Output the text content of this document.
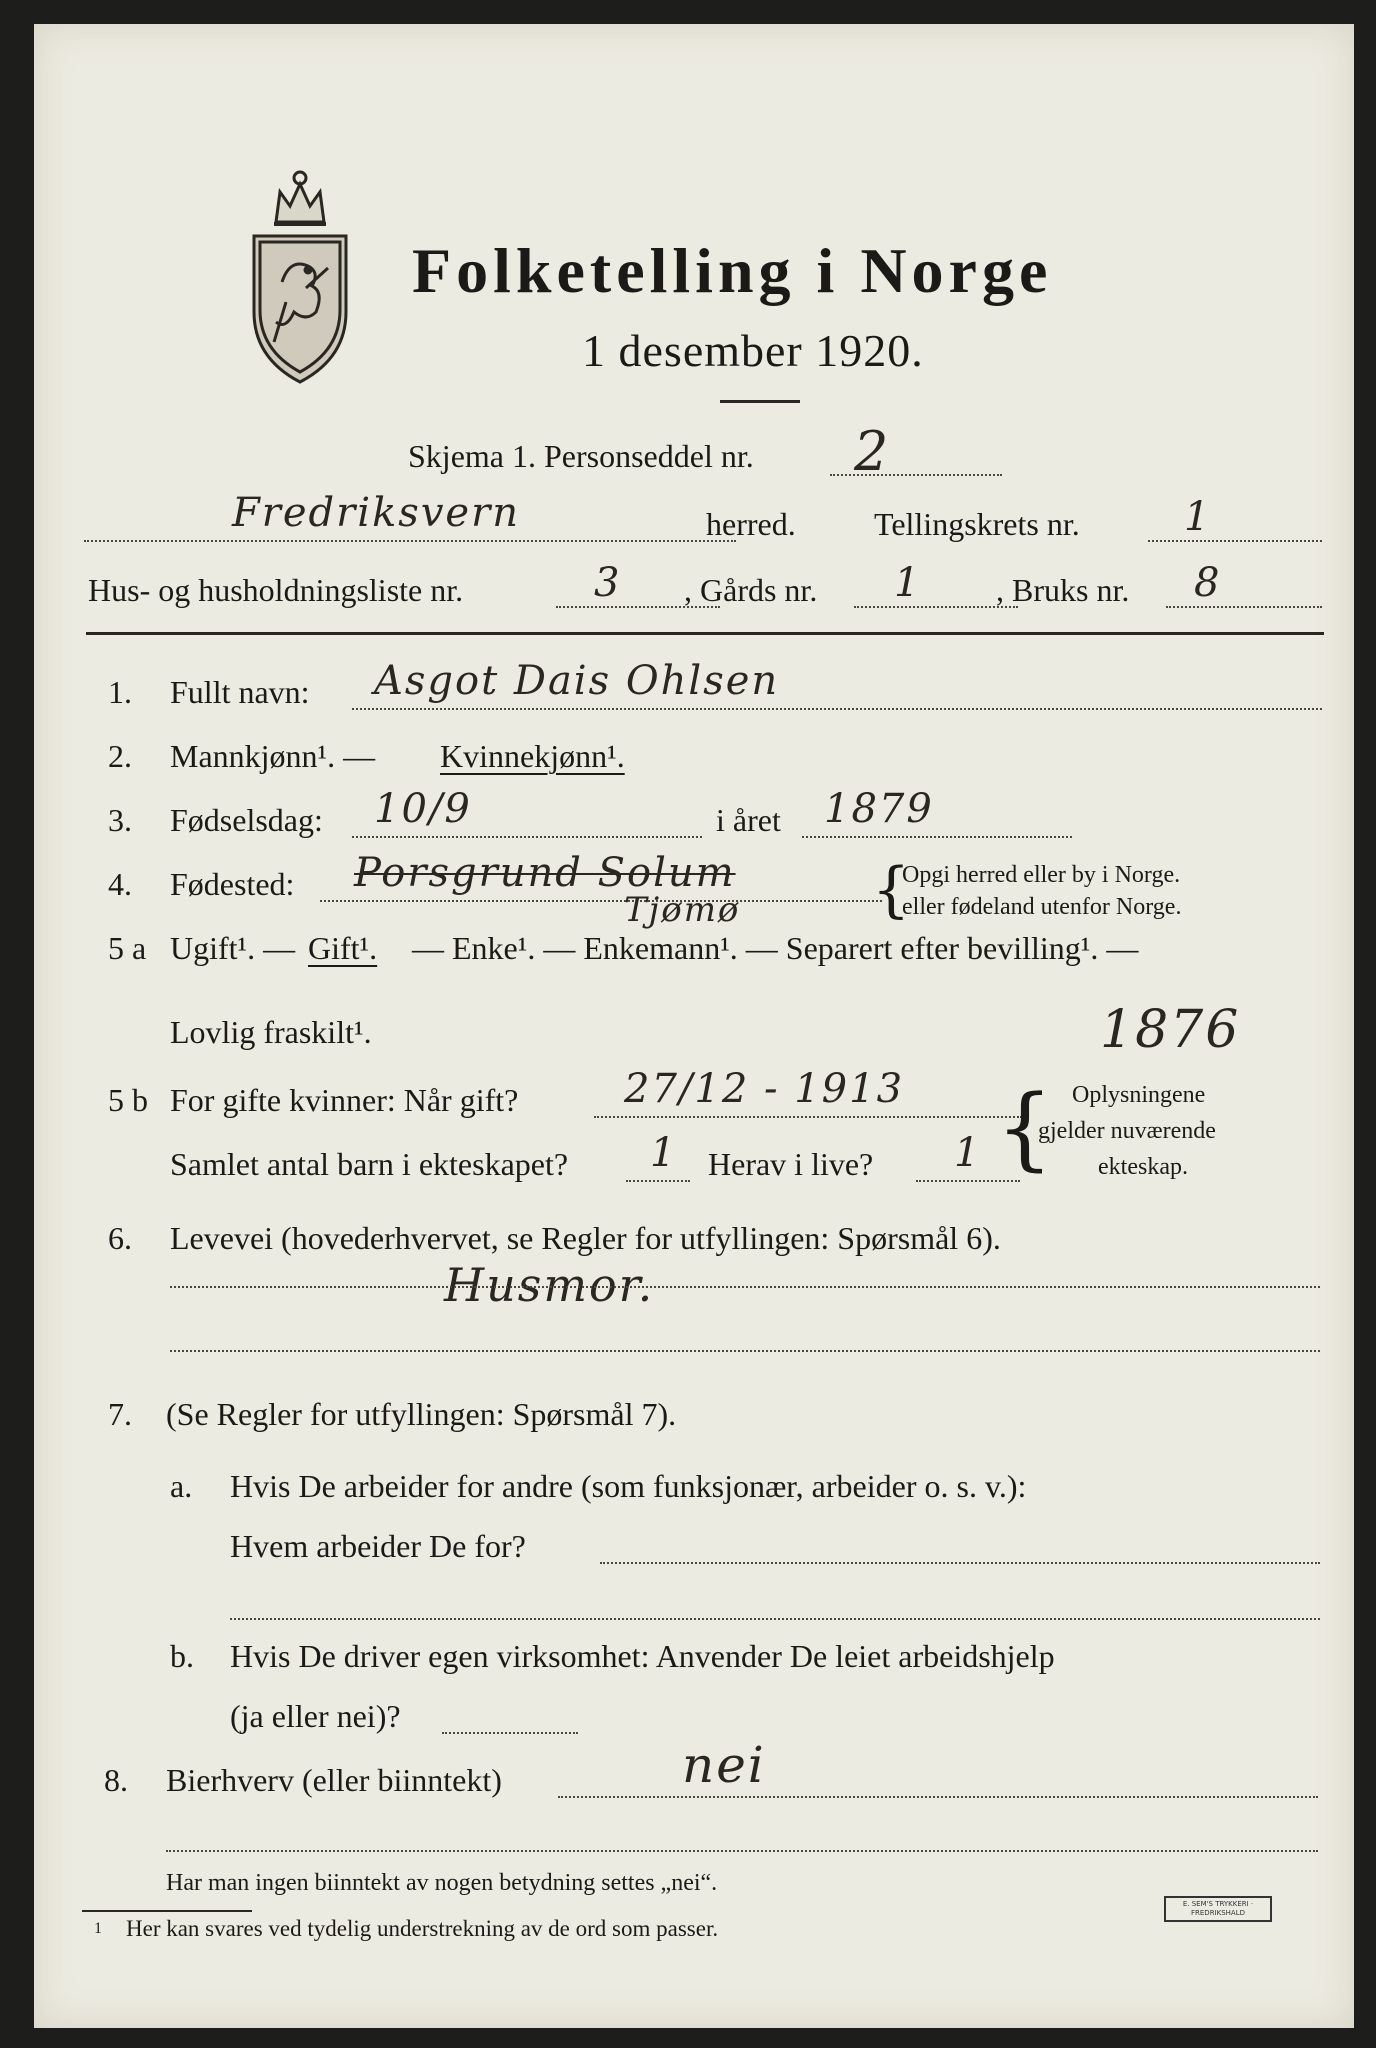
Folketelling i Norge
1 desember 1920.
Skjema 1. Personseddel nr. 2
Fredriksvern	herred. Tellingskrets nr.	1
Hus- og husholdningsliste nr.	3 , Gårds nr. 1 , Bruks nr. 8
1. Fullt navn: Asgot Dais Ohlsen
2. Mannkjønn¹. — Kvinnekjønn¹.
3. Fødselsdag: 10/9	i året 1879
4. Fødested: Porsgrund Solum
Tjømø {
Opgi herred eller by i Norge.
eller fødeland utenfor Norge.
5 a Ugift¹. — Gift¹. — Enke¹. — Enkemann¹. — Separert efter bevilling¹. —
Lovlig fraskilt¹.	1876
5 b For gifte kvinner: Når gift?	27/12 - 1913
Samlet antal barn i ekteskapet? 1 Herav i live? 1 { Oplysningene
gjelder nuværende
ekteskap.
6. Levevei (hovederhvervet, se Regler for utfyllingen: Spørsmål 6).
Husmor.
7. (Se Regler for utfyllingen: Spørsmål 7).
a. Hvis De arbeider for andre (som funksjonær, arbeider o. s. v.):
Hvem arbeider De for?
b. Hvis De driver egen virksomhet: Anvender De leiet arbeidshjelp
(ja eller nei)?
8. Bierhverv (eller biinntekt)	nei
Har man ingen biinntekt av nogen betydning settes „nei“.
1 Her kan svares ved tydelig understrekning av de ord som passer.
E. SEM'S TRYKKERI · FREDRIKSHALD
